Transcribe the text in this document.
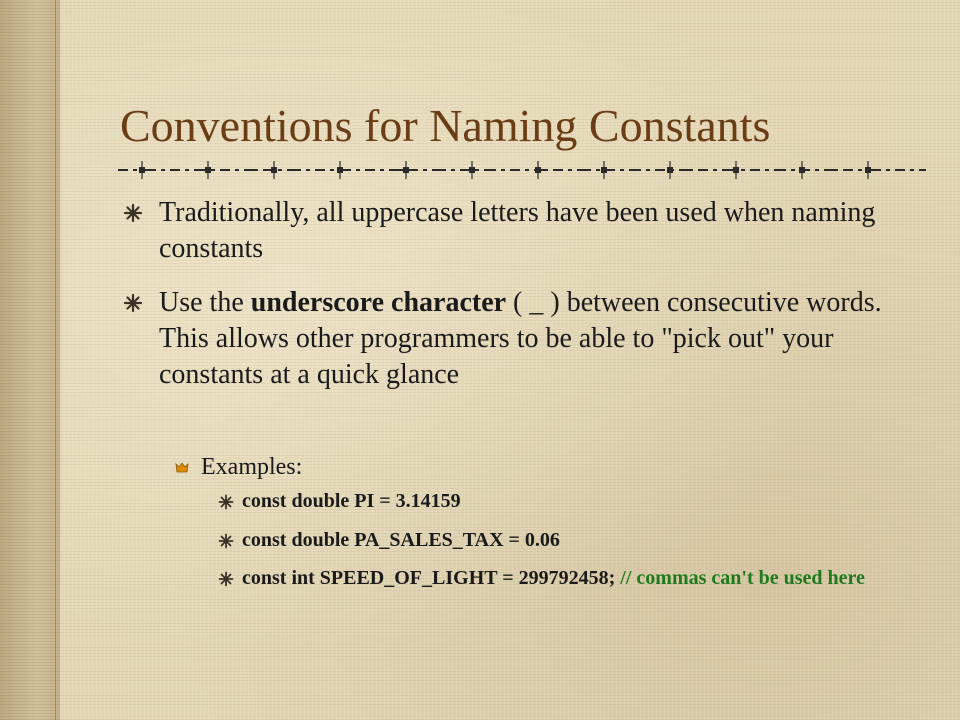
Conventions for Naming Constants
Traditionally, all uppercase letters have been used when naming constants
Use the underscore character ( _ ) between consecutive words. This allows other programmers to be able to "pick out" your constants at a quick glance
Examples:
const double PI = 3.14159
const double PA_SALES_TAX = 0.06
const int SPEED_OF_LIGHT = 299792458; // commas can't be used here
